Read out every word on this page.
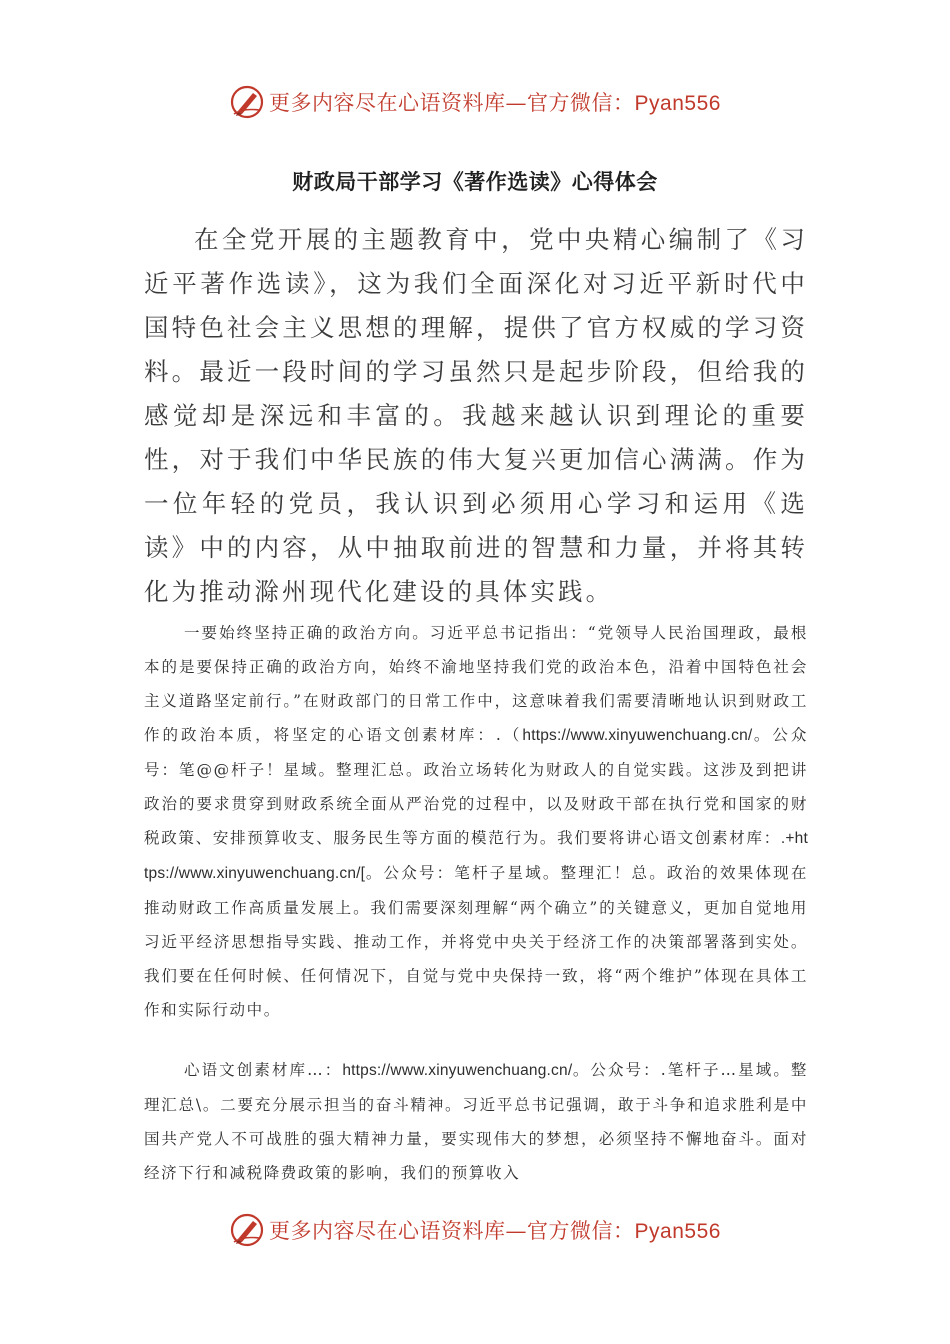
更多内容尽在心语资料库—官方微信：Pyan556
财政局干部学习《著作选读》心得体会

在全党开展的主题教育中，党中央精心编制了《习近平著作选读》，这为我们全面深化对习近平新时代中国特色社会主义思想的理解，提供了官方权威的学习资料。最近一段时间的学习虽然只是起步阶段，但给我的感觉却是深远和丰富的。我越来越认识到理论的重要性，对于我们中华民族的伟大复兴更加信心满满。作为一位年轻的党员，我认识到必须用心学习和运用《选读》中的内容，从中抽取前进的智慧和力量，并将其转化为推动滁州现代化建设的具体实践。

一要始终坚持正确的政治方向。习近平总书记指出：“党领导人民治国理政，最根本的是要保持正确的政治方向，始终不渝地坚持我们党的政治本色，沿着中国特色社会主义道路坚定前行。”在财政部门的日常工作中，这意味着我们需要清晰地认识到财政工作的政治本质，将坚定的心语文创素材库：.（https://www.xinyuwenchuang.cn/。公众号：笔@@杆子！星域。整理汇总。政治立场转化为财政人的自觉实践。这涉及到把讲政治的要求贯穿到财政系统全面从严治党的过程中，以及财政干部在执行党和国家的财税政策、安排预算收支、服务民生等方面的模范行为。我们要将讲心语文创素材库：.+https://www.xinyuwenchuang.cn/[。公众号：笔杆子星域。整理汇！总。政治的效果体现在推动财政工作高质量发展上。我们需要深刻理解“两个确立”的关键意义，更加自觉地用习近平经济思想指导实践、推动工作，并将党中央关于经济工作的决策部署落到实处。我们要在任何时候、任何情况下，自觉与党中央保持一致，将“两个维护”体现在具体工作和实际行动中。

心语文创素材库…：https://www.xinyuwenchuang.cn/。公众号：.笔杆子…星域。整理汇总\。二要充分展示担当的奋斗精神。习近平总书记强调，敢于斗争和追求胜利是中国共产党人不可战胜的强大精神力量，要实现伟大的梦想，必须坚持不懈地奋斗。面对经济下行和减税降费政策的影响，我们的预算收入

更多内容尽在心语资料库—官方微信：Pyan556
